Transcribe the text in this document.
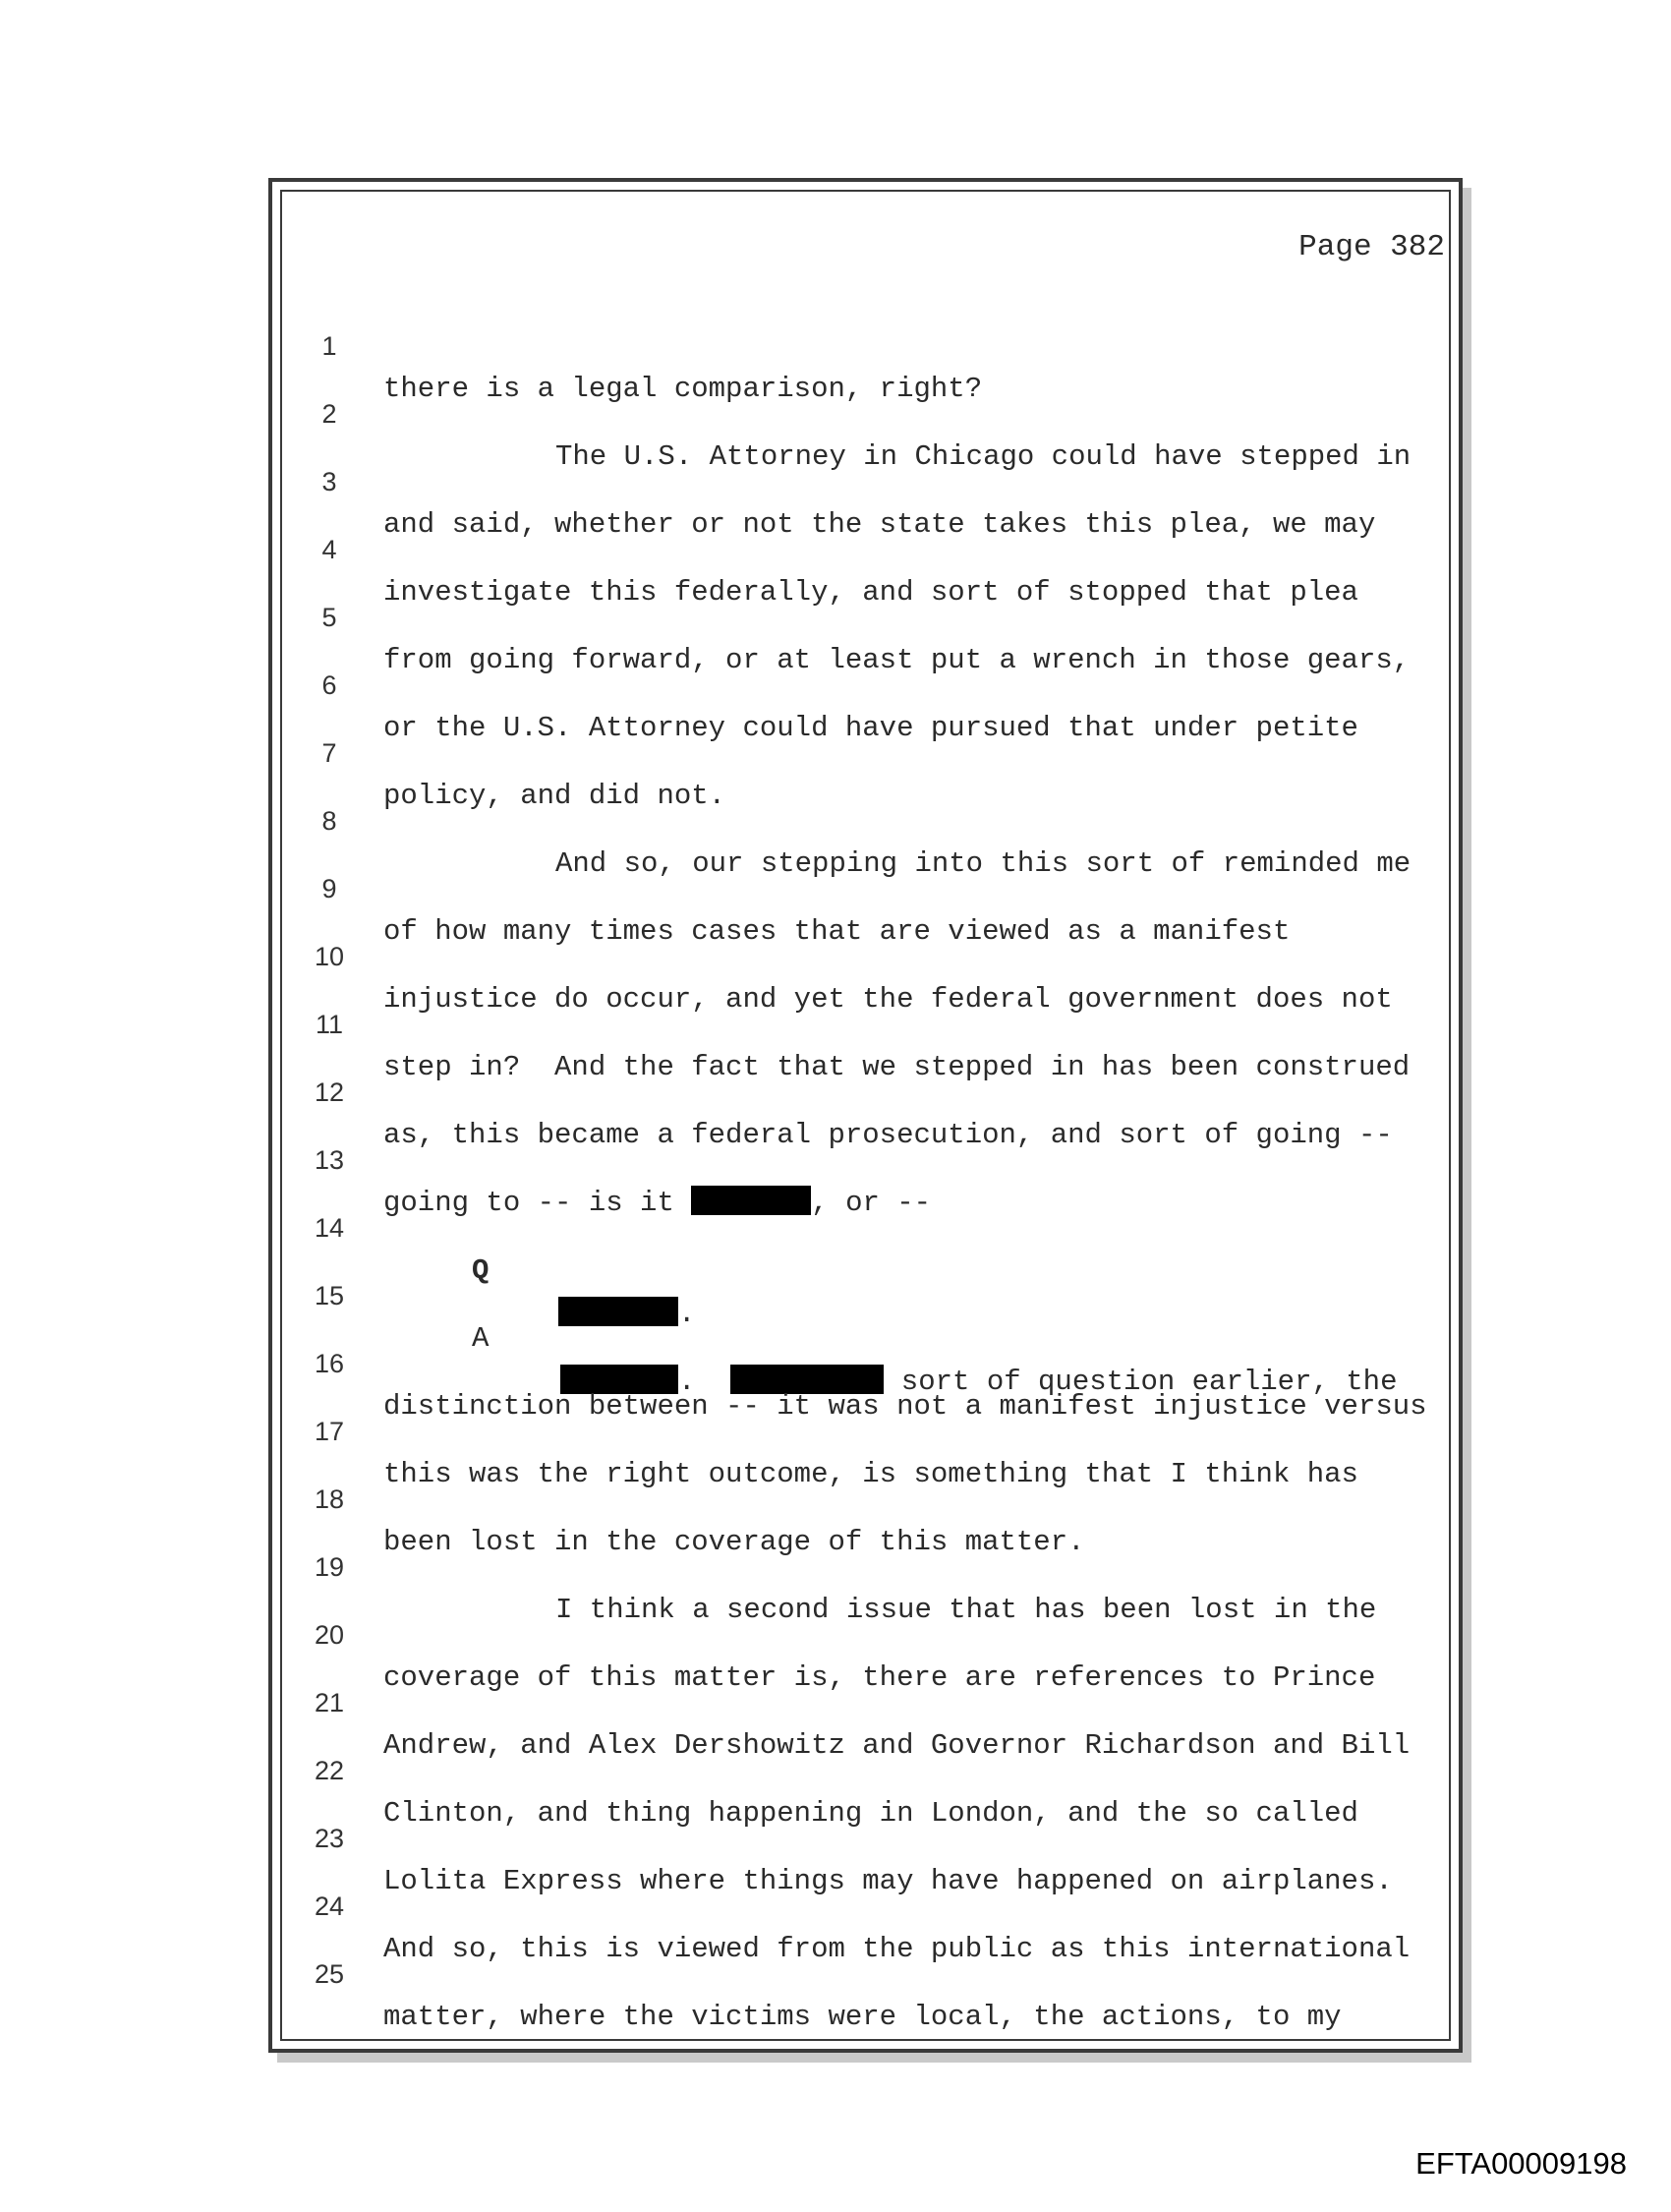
Page 382

1

there is a legal comparison, right?

2

The U.S. Attorney in Chicago could have stepped in

3

and said, whether or not the state takes this plea, we may

4

investigate this federally, and sort of stopped that plea

5

from going forward, or at least put a wrench in those gears,

6

or the U.S. Attorney could have pursued that under petite

7

policy, and did not.

8

And so, our stepping into this sort of reminded me

9

of how many times cases that are viewed as a manifest

10

injustice do occur, and yet the federal government does not

11

step in?  And the fact that we stepped in has been construed

12

as, this became a federal prosecution, and sort of going --

13

going to -- is it	, or --

14

Q

.

15

A

.	sort of question earlier, the

16

distinction between -- it was not a manifest injustice versus

17

this was the right outcome, is something that I think has

18

been lost in the coverage of this matter.

19

I think a second issue that has been lost in the

20

coverage of this matter is, there are references to Prince

21

Andrew, and Alex Dershowitz and Governor Richardson and Bill

22

Clinton, and thing happening in London, and the so called

23

Lolita Express where things may have happened on airplanes.

24

And so, this is viewed from the public as this international

25

matter, where the victims were local, the actions, to my

EFTA00009198
